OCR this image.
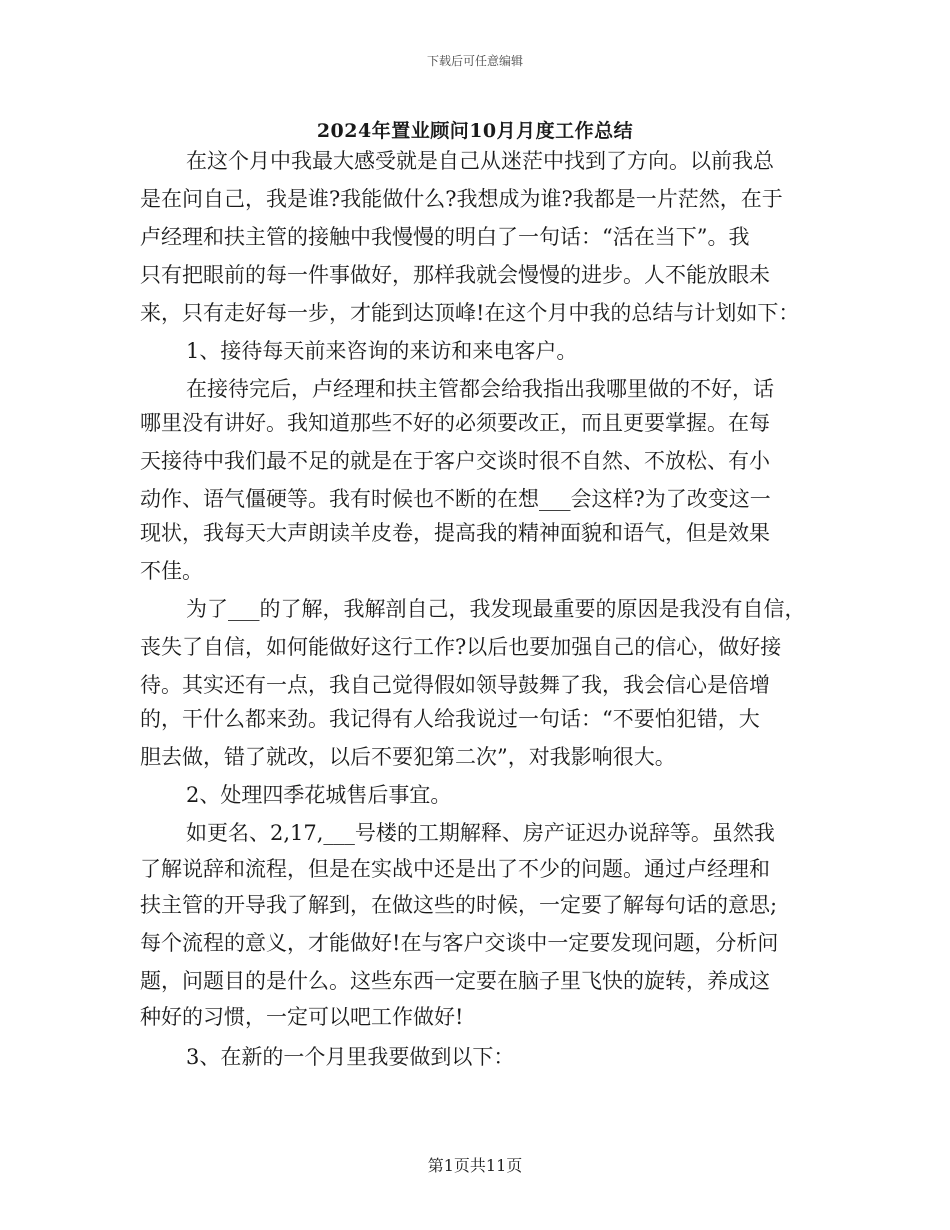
下载后可任意编辑
2024年置业顾问10月月度工作总结
在这个月中我最大感受就是自己从迷茫中找到了方向。以前我总
是在问自己，我是谁?我能做什么?我想成为谁?我都是一片茫然，在于
卢经理和扶主管的接触中我慢慢的明白了一句话：“活在当下”。我
只有把眼前的每一件事做好，那样我就会慢慢的进步。人不能放眼未
来，只有走好每一步，才能到达顶峰!在这个月中我的总结与计划如下：
1、接待每天前来咨询的来访和来电客户。
在接待完后，卢经理和扶主管都会给我指出我哪里做的不好，话
哪里没有讲好。我知道那些不好的必须要改正，而且更要掌握。在每
天接待中我们最不足的就是在于客户交谈时很不自然、不放松、有小
动作、语气僵硬等。我有时候也不断的在想___会这样?为了改变这一
现状，我每天大声朗读羊皮卷，提高我的精神面貌和语气，但是效果
不佳。
为了___的了解，我解剖自己，我发现最重要的原因是我没有自信，
丧失了自信，如何能做好这行工作?以后也要加强自己的信心，做好接
待。其实还有一点，我自己觉得假如领导鼓舞了我，我会信心是倍增
的，干什么都来劲。我记得有人给我说过一句话：“不要怕犯错，大
胆去做，错了就改，以后不要犯第二次”，对我影响很大。
2、处理四季花城售后事宜。
如更名、2,17,___号楼的工期解释、房产证迟办说辞等。虽然我
了解说辞和流程，但是在实战中还是出了不少的问题。通过卢经理和
扶主管的开导我了解到，在做这些的时候，一定要了解每句话的意思;
每个流程的意义，才能做好!在与客户交谈中一定要发现问题，分析问
题，问题目的是什么。这些东西一定要在脑子里飞快的旋转，养成这
种好的习惯，一定可以吧工作做好!
3、在新的一个月里我要做到以下：
第1页共11页
